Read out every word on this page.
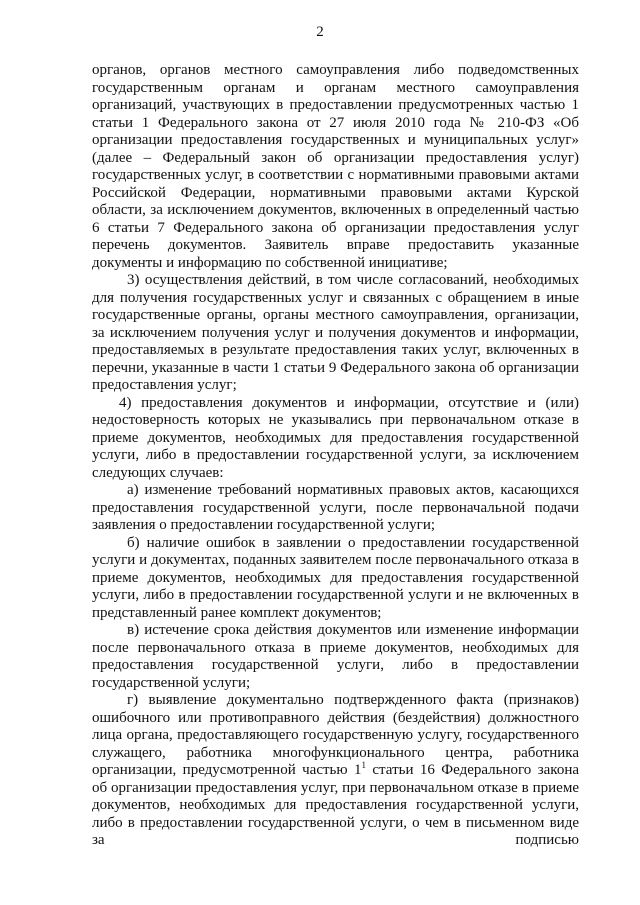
2

органов, органов местного самоуправления либо подведомственных государственным органам и органам местного самоуправления организаций, участвующих в предоставлении предусмотренных частью 1 статьи 1 Федерального закона от 27 июля 2010 года № 210-ФЗ «Об организации предоставления государственных и муниципальных услуг» (далее – Федеральный закон об организации предоставления услуг) государственных услуг, в соответствии с нормативными правовыми актами Российской Федерации, нормативными правовыми актами Курской области, за исключением документов, включенных в определенный частью 6 статьи 7 Федерального закона об организации предоставления услуг перечень документов. Заявитель вправе предоставить указанные документы и информацию по собственной инициативе;

3) осуществления действий, в том числе согласований, необходимых для получения государственных услуг и связанных с обращением в иные государственные органы, органы местного самоуправления, организации, за исключением получения услуг и получения документов и информации, предоставляемых в результате предоставления таких услуг, включенных в перечни, указанные в части 1 статьи 9 Федерального закона об организации предоставления услуг;

4) предоставления документов и информации, отсутствие и (или) недостоверность которых не указывались при первоначальном отказе в приеме документов, необходимых для предоставления государственной услуги, либо в предоставлении государственной услуги, за исключением следующих случаев:

а) изменение требований нормативных правовых актов, касающихся предоставления государственной услуги, после первоначальной подачи заявления о предоставлении государственной услуги;

б) наличие ошибок в заявлении о предоставлении государственной услуги и документах, поданных заявителем после первоначального отказа в приеме документов, необходимых для предоставления государственной услуги, либо в предоставлении государственной услуги и не включенных в представленный ранее комплект документов;

в) истечение срока действия документов или изменение информации после первоначального отказа в приеме документов, необходимых для предоставления государственной услуги, либо в предоставлении государственной услуги;

г) выявление документально подтвержденного факта (признаков) ошибочного или противоправного действия (бездействия) должностного лица органа, предоставляющего государственную услугу, государственного служащего, работника многофункционального центра, работника организации, предусмотренной частью $1^1$ статьи 16 Федерального закона об организации предоставления услуг, при первоначальном отказе в приеме документов, необходимых для предоставления государственной услуги, либо в предоставлении государственной услуги, о чем в письменном виде за подписью
